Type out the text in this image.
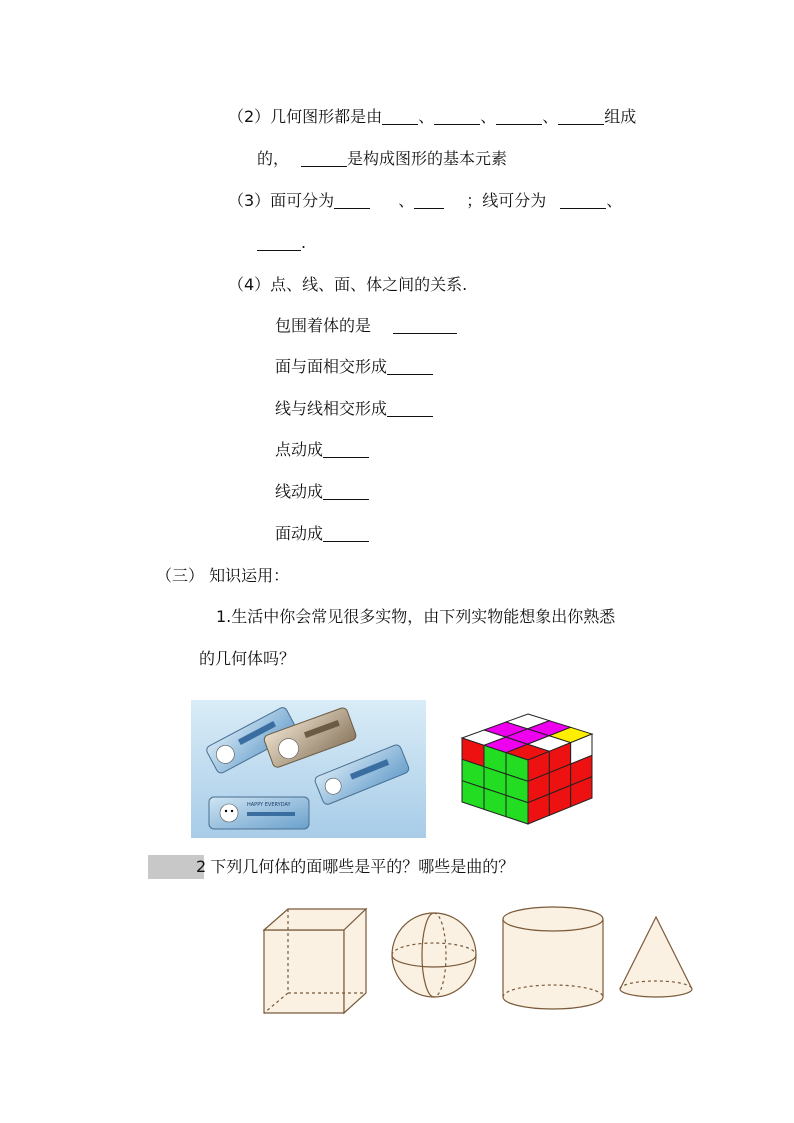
（2）几何图形都是由 、	、	、	组成
的，	是构成图形的基本元素
（3）面可分为	、	；线可分为	、
.
（4）点、线、面、体之间的关系.
包围着体的是
面与面相交形成
线与线相交形成
点动成
线动成
面动成
（三） 知识运用：
1.生活中你会常见很多实物，由下列实物能想象出你熟悉
的几何体吗？
HAPPY EVERYDAY
2 下列几何体的面哪些是平的？哪些是曲的？
